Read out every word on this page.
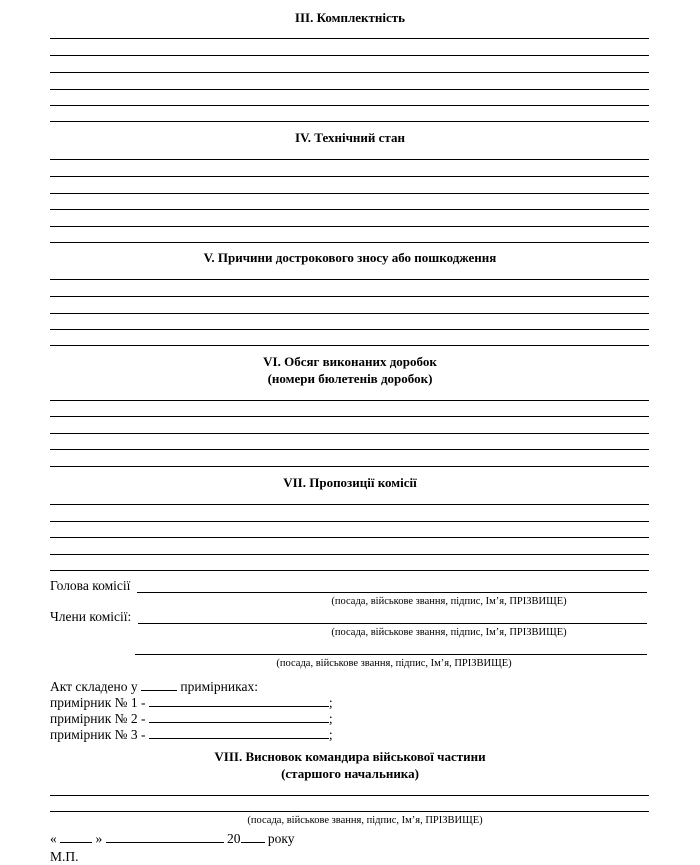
III. Комплектність
IV. Технічний стан
V. Причини дострокового зносу або пошкодження
VI. Обсяг виконаних доробок
(номери бюлетенів доробок)
VII. Пропозиції комісії
Голова комісії
(посада, військове звання, підпис, Ім’я, ПРІЗВИЩЕ)
Члени комісії:
(посада, військове звання, підпис, Ім’я, ПРІЗВИЩЕ)
(посада, військове звання, підпис, Ім’я, ПРІЗВИЩЕ)
Акт складено у	примірниках:
примірник № 1 -	;
примірник № 2 -	;
примірник № 3 -	;
VIII. Висновок командира військової частини
(старшого начальника)
(посада, військове звання, підпис, Ім’я, ПРІЗВИЩЕ)
«	»	20 року
М.П.
